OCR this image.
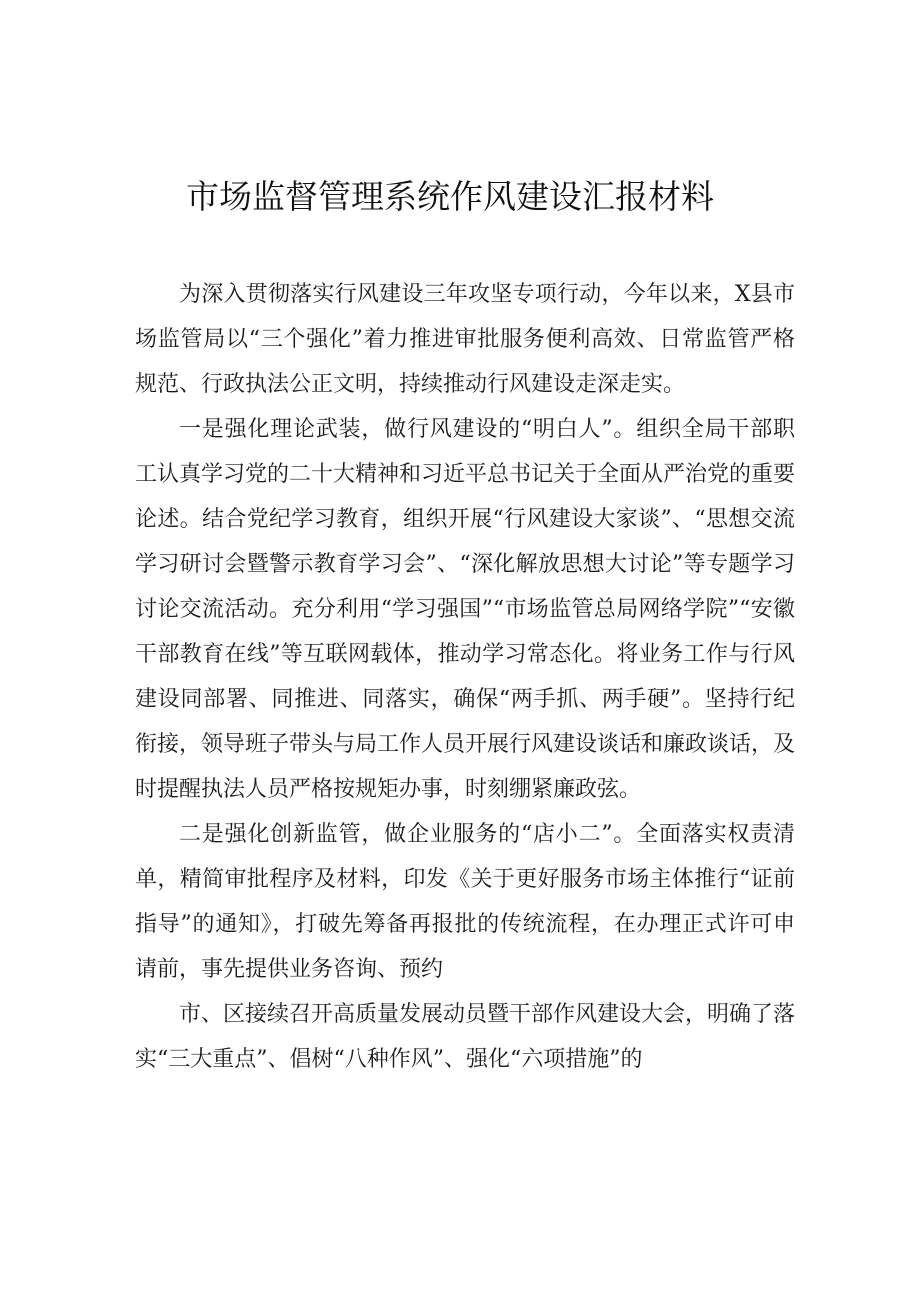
市场监督管理系统作风建设汇报材料

为深入贯彻落实行风建设三年攻坚专项行动，今年以来，X县市场监管局以“三个强化”着力推进审批服务便利高效、日常监管严格规范、行政执法公正文明，持续推动行风建设走深走实。

一是强化理论武装，做行风建设的“明白人”。组织全局干部职工认真学习党的二十大精神和习近平总书记关于全面从严治党的重要论述。结合党纪学习教育，组织开展“行风建设大家谈”、“思想交流学习研讨会暨警示教育学习会”、“深化解放思想大讨论”等专题学习讨论交流活动。充分利用“学习强国”“市场监管总局网络学院”“安徽干部教育在线”等互联网载体，推动学习常态化。将业务工作与行风建设同部署、同推进、同落实，确保“两手抓、两手硬”。坚持行纪衔接，领导班子带头与局工作人员开展行风建设谈话和廉政谈话，及时提醒执法人员严格按规矩办事，时刻绷紧廉政弦。

二是强化创新监管，做企业服务的“店小二”。全面落实权责清单，精简审批程序及材料，印发《关于更好服务市场主体推行“证前指导”的通知》，打破先筹备再报批的传统流程，在办理正式许可申请前，事先提供业务咨询、预约

市、区接续召开高质量发展动员暨干部作风建设大会，明确了落实“三大重点”、倡树“八种作风”、强化“六项措施”的
